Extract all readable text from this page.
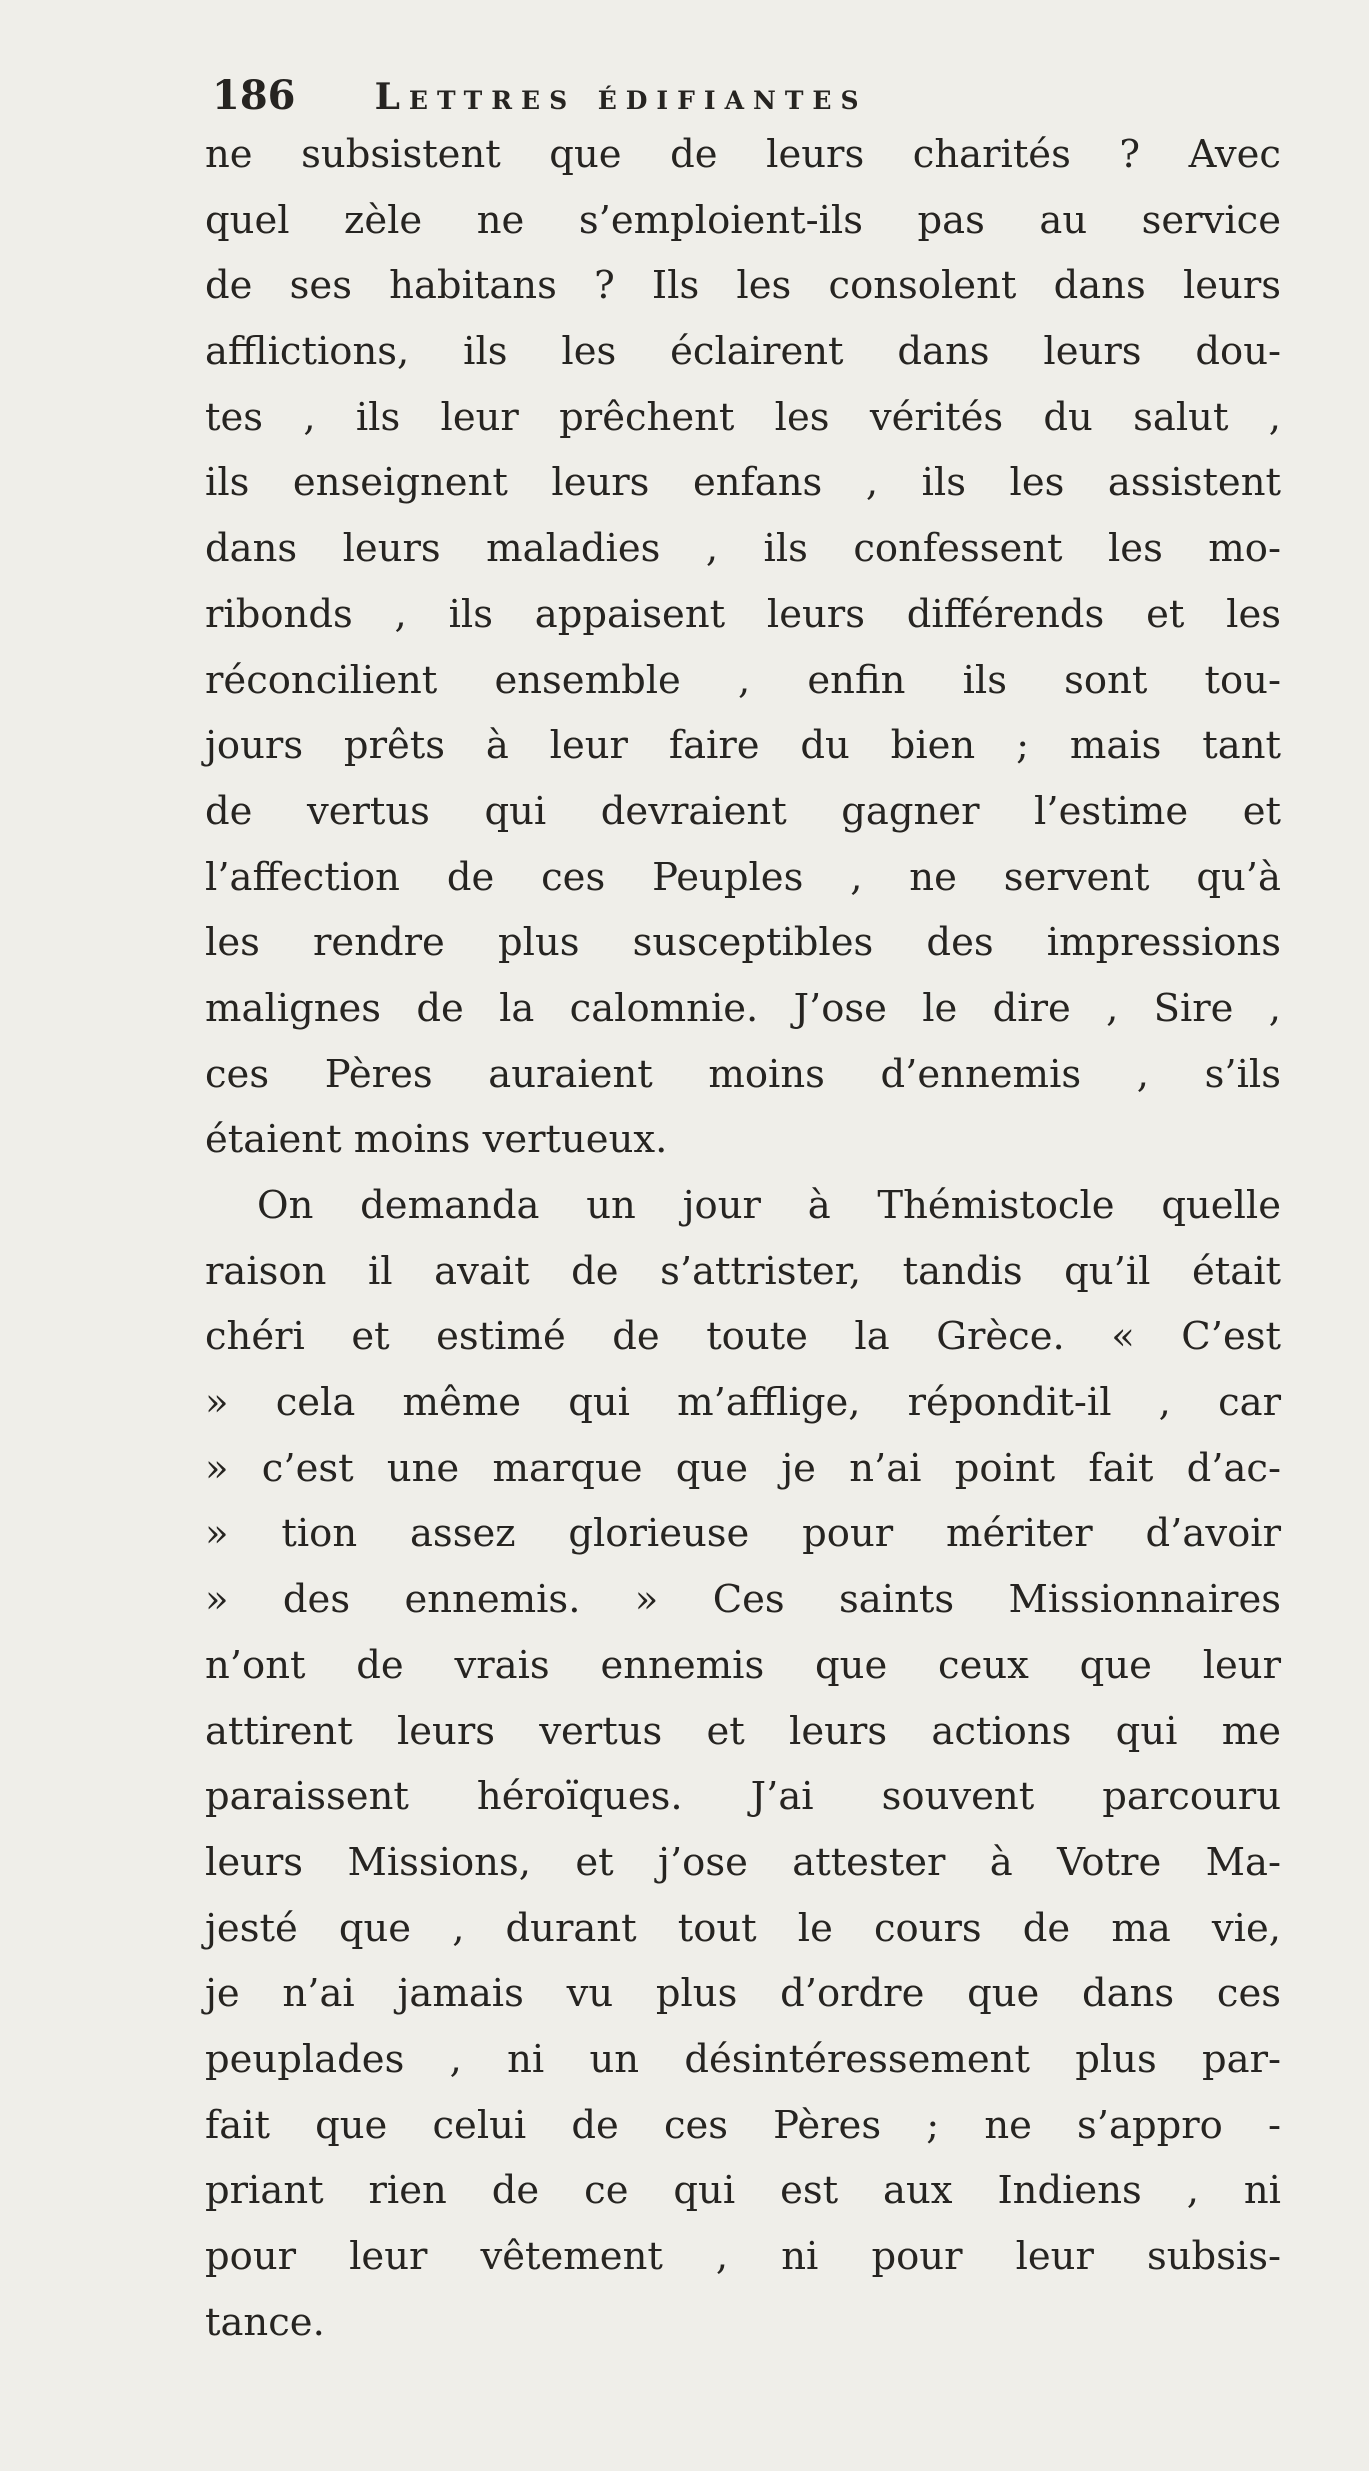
186 Lettres édifiantes
ne subsistent que de leurs charités ? Avec
quel zèle ne s’emploient-ils pas au service
de ses habitans ? Ils les consolent dans leurs
afflictions, ils les éclairent dans leurs dou-
tes , ils leur prêchent les vérités du salut ,
ils enseignent leurs enfans , ils les assistent
dans leurs maladies , ils confessent les mo-
ribonds , ils appaisent leurs différends et les
réconcilient ensemble , enfin ils sont tou-
jours prêts à leur faire du bien ; mais tant
de vertus qui devraient gagner l’estime et
l’affection de ces Peuples , ne servent qu’à
les rendre plus susceptibles des impressions
malignes de la calomnie. J’ose le dire , Sire ,
ces Pères auraient moins d’ennemis , s’ils
étaient moins vertueux.
On demanda un jour à Thémistocle quelle
raison il avait de s’attrister, tandis qu’il était
chéri et estimé de toute la Grèce. « C’est
» cela même qui m’afflige, répondit-il , car
» c’est une marque que je n’ai point fait d’ac-
» tion assez glorieuse pour mériter d’avoir
» des ennemis. » Ces saints Missionnaires
n’ont de vrais ennemis que ceux que leur
attirent leurs vertus et leurs actions qui me
paraissent héroïques. J’ai souvent parcouru
leurs Missions, et j’ose attester à Votre Ma-
jesté que , durant tout le cours de ma vie,
je n’ai jamais vu plus d’ordre que dans ces
peuplades , ni un désintéressement plus par-
fait que celui de ces Pères ; ne s’appro -
priant rien de ce qui est aux Indiens , ni
pour leur vêtement , ni pour leur subsis-
tance.
